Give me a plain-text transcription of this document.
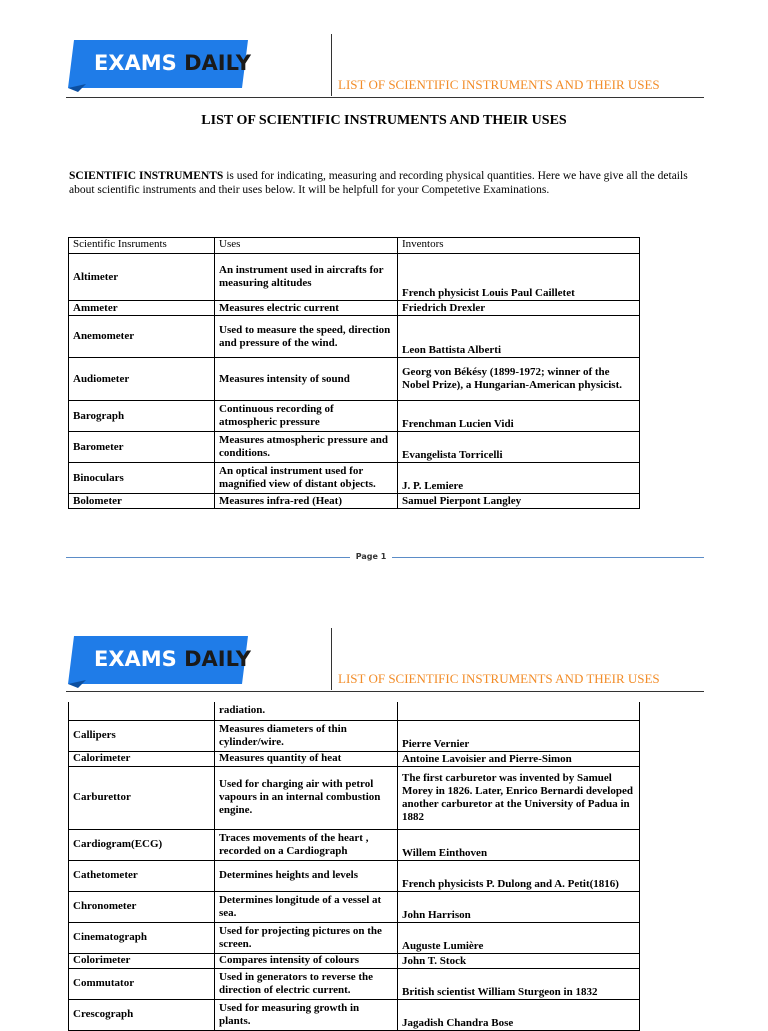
EXAMS DAILY
LIST OF SCIENTIFIC INSTRUMENTS AND THEIR USES
LIST OF SCIENTIFIC INSTRUMENTS AND THEIR USES
SCIENTIFIC INSTRUMENTS is used for indicating, measuring and recording physical quantities. Here we have give all the details about scientific instruments and their uses below. It will be helpfull for your Competetive Examinations.
Scientific Insruments	Uses	Inventors
Altimeter	An instrument used in aircrafts for measuring altitudes	French physicist Louis Paul Cailletet
Ammeter	Measures electric current	Friedrich Drexler
Anemometer	Used to measure the speed, direction and pressure of the wind.	Leon Battista Alberti
Audiometer	Measures intensity of sound	Georg von Békésy (1899-1972; winner of the Nobel Prize), a Hungarian-American physicist.
Barograph	Continuous recording of atmospheric pressure	Frenchman Lucien Vidi
Barometer	Measures atmospheric pressure and conditions.	Evangelista Torricelli
Binoculars	An optical instrument used for magnified view of distant objects.	J. P. Lemiere
Bolometer	Measures infra-red (Heat)	Samuel Pierpont Langley
Page 1
EXAMS DAILY
LIST OF SCIENTIFIC INSTRUMENTS AND THEIR USES
	radiation.	
Callipers	Measures diameters of thin cylinder/wire.	Pierre Vernier
Calorimeter	Measures quantity of heat	Antoine Lavoisier and Pierre-Simon
Carburettor	Used for charging air with petrol vapours in an internal combustion engine.	The first carburetor was invented by Samuel Morey in 1826. Later, Enrico Bernardi developed another carburetor at the University of Padua in 1882
Cardiogram(ECG)	Traces movements of the heart , recorded on a Cardiograph	Willem Einthoven
Cathetometer	Determines heights and levels	French physicists P. Dulong and A. Petit(1816)
Chronometer	Determines longitude of a vessel at sea.	John Harrison
Cinematograph	Used for projecting pictures on the screen.	Auguste Lumière
Colorimeter	Compares intensity of colours	John T. Stock
Commutator	Used in generators to reverse the direction of electric current.	British scientist William Sturgeon in 1832
Crescograph	Used for measuring growth in plants.	Jagadish Chandra Bose
